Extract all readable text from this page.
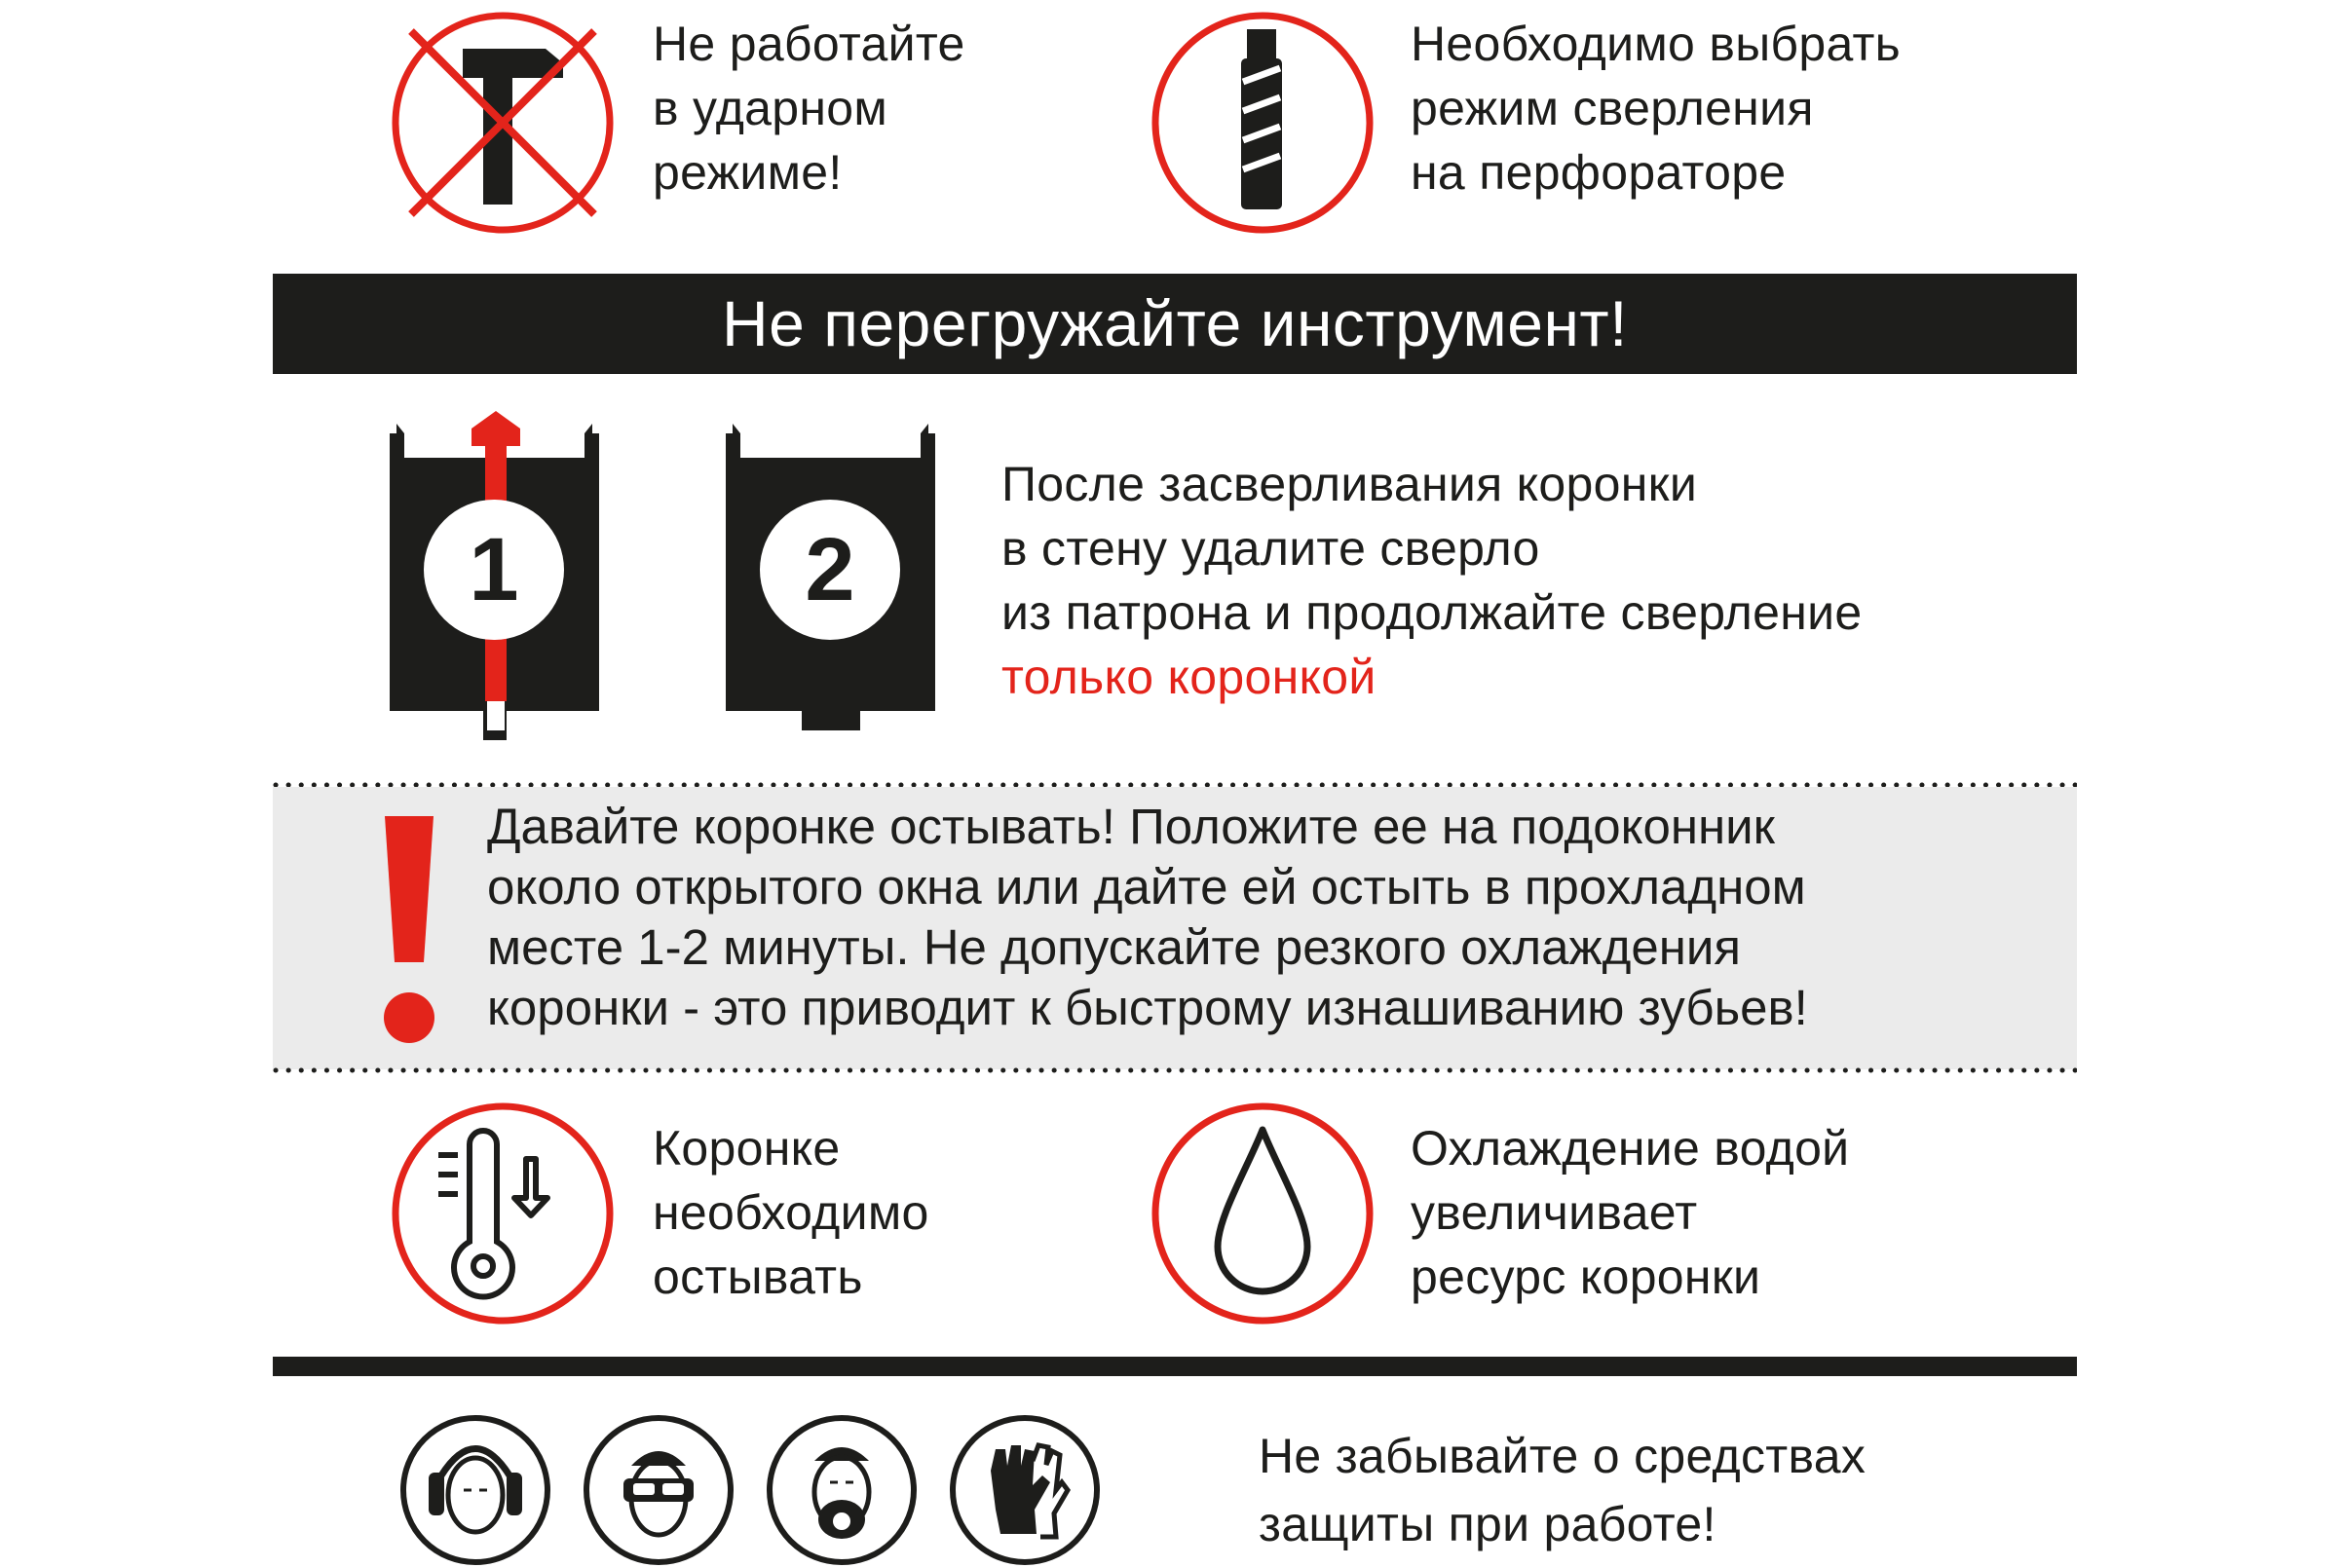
Не работайте
в ударном
режиме!
Необходимо выбрать
режим сверления
на перфораторе
Не перегружайте инструмент!
1	2
После засверливания коронки
в стену удалите сверло
из патрона и продолжайте сверление
только коронкой
Давайте коронке остывать! Положите ее на подоконник
около открытого окна или дайте ей остыть в прохладном
месте 1-2 минуты. Не допускайте резкого охлаждения
коронки - это приводит к быстрому изнашиванию зубьев!
Коронке
необходимо
остывать
Охлаждение водой
увеличивает
ресурс коронки
Не забывайте о средствах
защиты при работе!
